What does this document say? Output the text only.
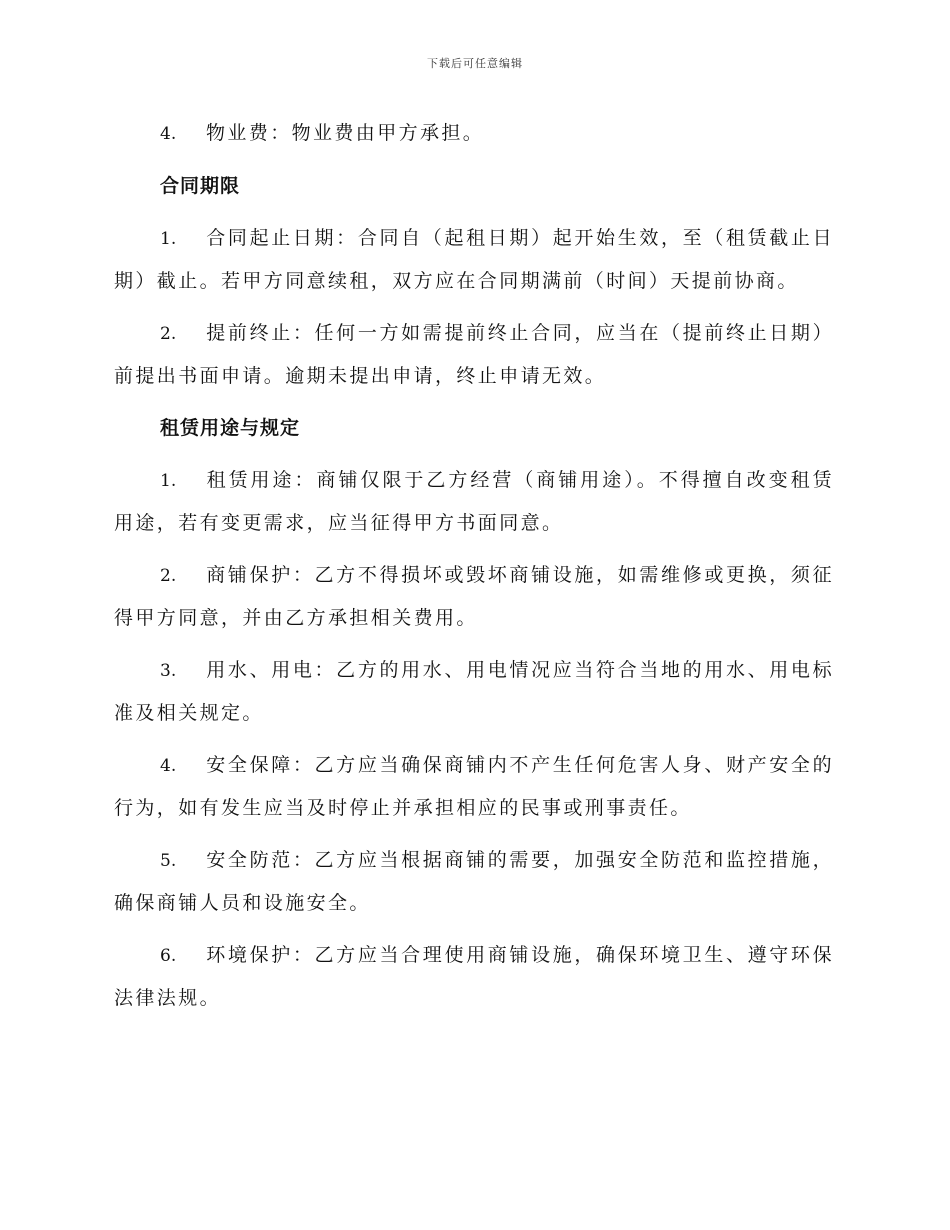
下载后可任意编辑

4. 物业费：物业费由甲方承担。

合同期限

1. 合同起止日期：合同自（起租日期）起开始生效，至（租赁截止日期）截止。若甲方同意续租，双方应在合同期满前（时间）天提前协商。

2. 提前终止：任何一方如需提前终止合同，应当在（提前终止日期）前提出书面申请。逾期未提出申请，终止申请无效。

租赁用途与规定

1. 租赁用途：商铺仅限于乙方经营（商铺用途）。不得擅自改变租赁用途，若有变更需求，应当征得甲方书面同意。

2. 商铺保护：乙方不得损坏或毁坏商铺设施，如需维修或更换，须征得甲方同意，并由乙方承担相关费用。

3. 用水、用电：乙方的用水、用电情况应当符合当地的用水、用电标准及相关规定。

4. 安全保障：乙方应当确保商铺内不产生任何危害人身、财产安全的行为，如有发生应当及时停止并承担相应的民事或刑事责任。

5. 安全防范：乙方应当根据商铺的需要，加强安全防范和监控措施，确保商铺人员和设施安全。

6. 环境保护：乙方应当合理使用商铺设施，确保环境卫生、遵守环保法律法规。
